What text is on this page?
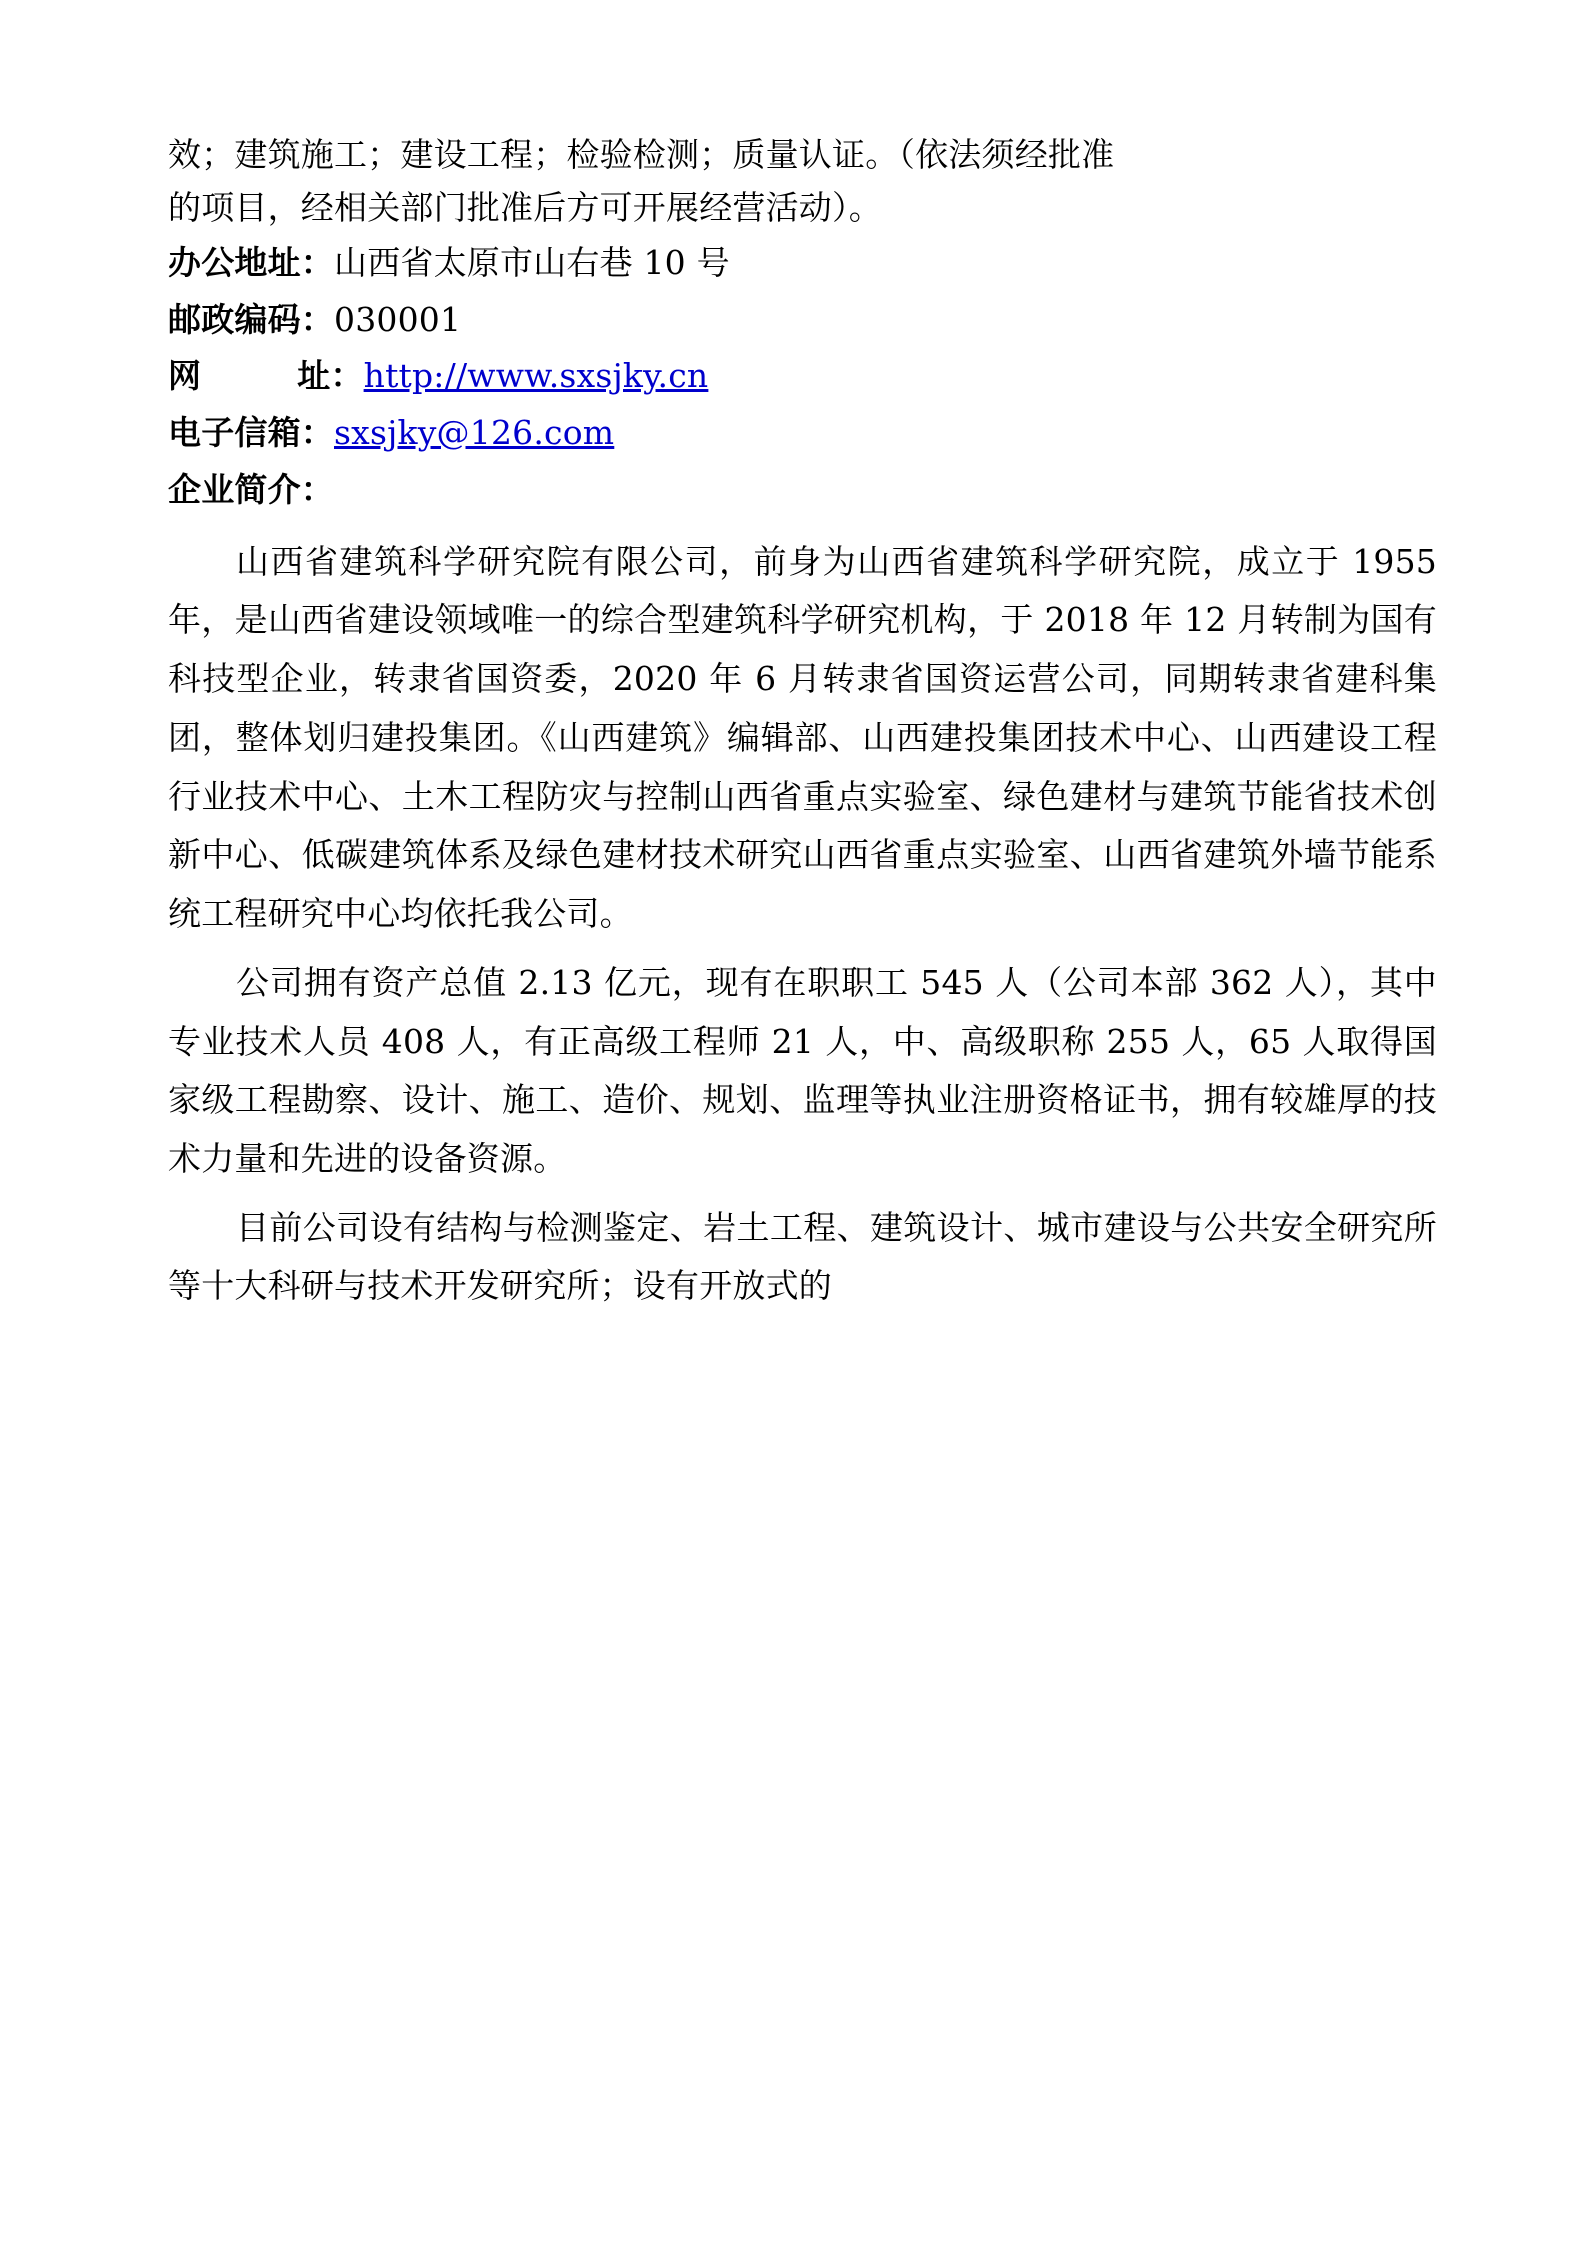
效；建筑施工；建设工程；检验检测；质量认证。（依法须经批准
的项目，经相关部门批准后方可开展经营活动）。
办公地址：山西省太原市山右巷 10 号
邮政编码：030001
网	址：http://www.sxsjky.cn
电子信箱：sxsjky@126.com
企业简介：

山西省建筑科学研究院有限公司，前身为山西省建筑科学研究院，成立于 1955 年，是山西省建设领域唯一的综合型建筑科学研究机构，于 2018 年 12 月转制为国有科技型企业，转隶省国资委，2020 年 6 月转隶省国资运营公司，同期转隶省建科集团，整体划归建投集团。《山西建筑》编辑部、山西建投集团技术中心、山西建设工程行业技术中心、土木工程防灾与控制山西省重点实验室、绿色建材与建筑节能省技术创新中心、低碳建筑体系及绿色建材技术研究山西省重点实验室、山西省建筑外墙节能系统工程研究中心均依托我公司。

公司拥有资产总值 2.13 亿元，现有在职职工 545 人（公司本部 362 人），其中专业技术人员 408 人，有正高级工程师 21 人，中、高级职称 255 人，65 人取得国家级工程勘察、设计、施工、造价、规划、监理等执业注册资格证书，拥有较雄厚的技术力量和先进的设备资源。

目前公司设有结构与检测鉴定、岩土工程、建筑设计、城市建设与公共安全研究所等十大科研与技术开发研究所；设有开放式的
